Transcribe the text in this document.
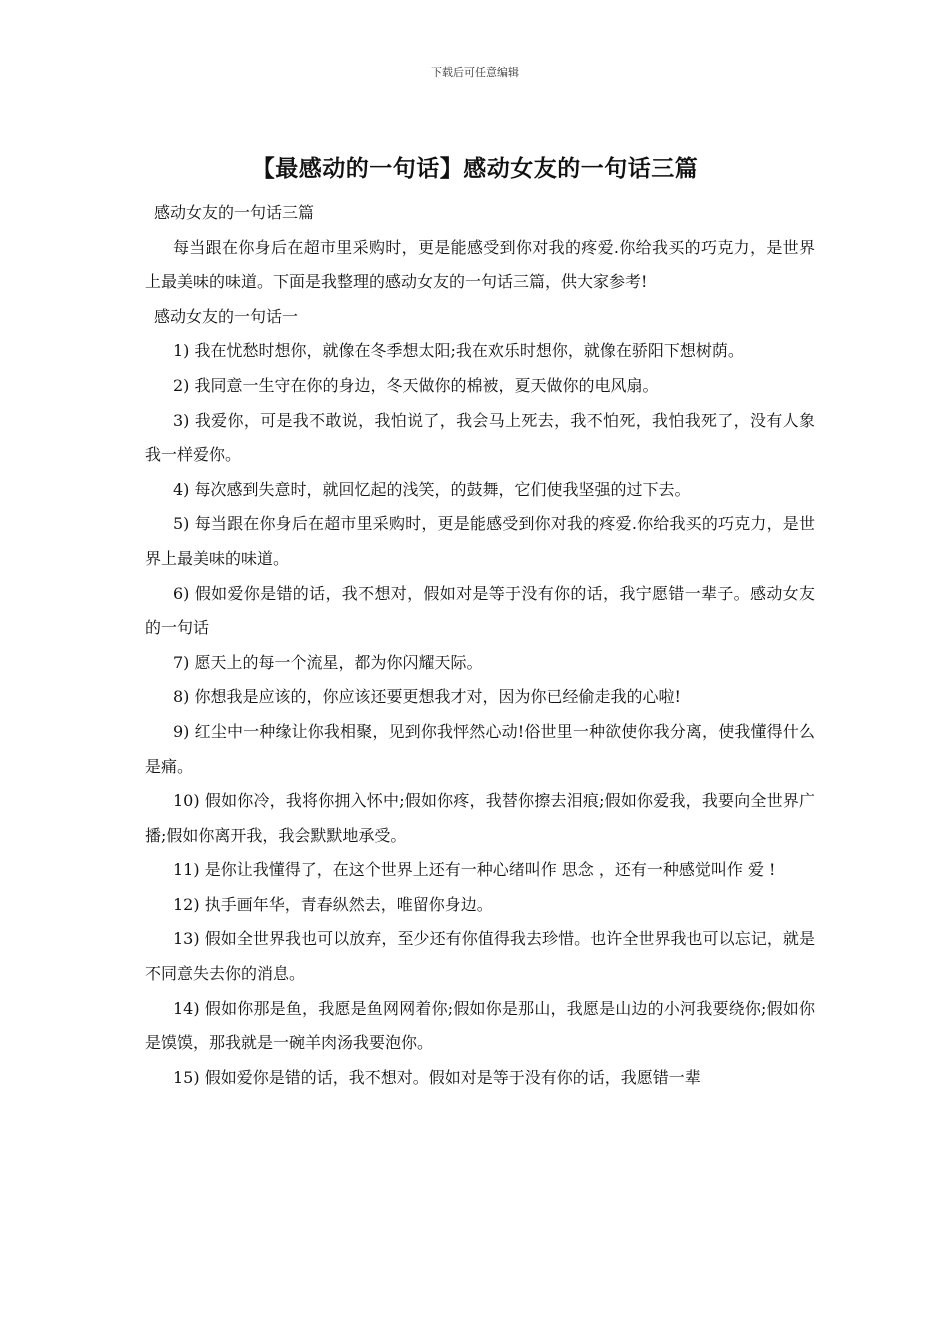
下载后可任意编辑
【最感动的一句话】感动女友的一句话三篇

感动女友的一句话三篇

每当跟在你身后在超市里采购时，更是能感受到你对我的疼爱.你给我买的巧克力，是世界上最美味的味道。下面是我整理的感动女友的一句话三篇，供大家参考!

感动女友的一句话一

1) 我在忧愁时想你，就像在冬季想太阳;我在欢乐时想你，就像在骄阳下想树荫。

2) 我同意一生守在你的身边，冬天做你的棉被，夏天做你的电风扇。

3) 我爱你，可是我不敢说，我怕说了，我会马上死去，我不怕死，我怕我死了，没有人象我一样爱你。

4) 每次感到失意时，就回忆起的浅笑，的鼓舞，它们使我坚强的过下去。

5) 每当跟在你身后在超市里采购时，更是能感受到你对我的疼爱.你给我买的巧克力，是世界上最美味的味道。

6) 假如爱你是错的话，我不想对，假如对是等于没有你的话，我宁愿错一辈子。感动女友的一句话

7) 愿天上的每一个流星，都为你闪耀天际。

8) 你想我是应该的，你应该还要更想我才对，因为你已经偷走我的心啦!

9) 红尘中一种缘让你我相聚，见到你我怦然心动!俗世里一种欲使你我分离，使我懂得什么是痛。

10) 假如你冷，我将你拥入怀中;假如你疼，我替你擦去泪痕;假如你爱我，我要向全世界广播;假如你离开我，我会默默地承受。

11) 是你让我懂得了，在这个世界上还有一种心绪叫作 思念 ，还有一种感觉叫作 爱 !

12) 执手画年华，青春纵然去，唯留你身边。

13) 假如全世界我也可以放弃，至少还有你值得我去珍惜。也许全世界我也可以忘记，就是不同意失去你的消息。

14) 假如你那是鱼，我愿是鱼网网着你;假如你是那山，我愿是山边的小河我要绕你;假如你是馍馍，那我就是一碗羊肉汤我要泡你。

15) 假如爱你是错的话，我不想对。假如对是等于没有你的话，我愿错一辈
